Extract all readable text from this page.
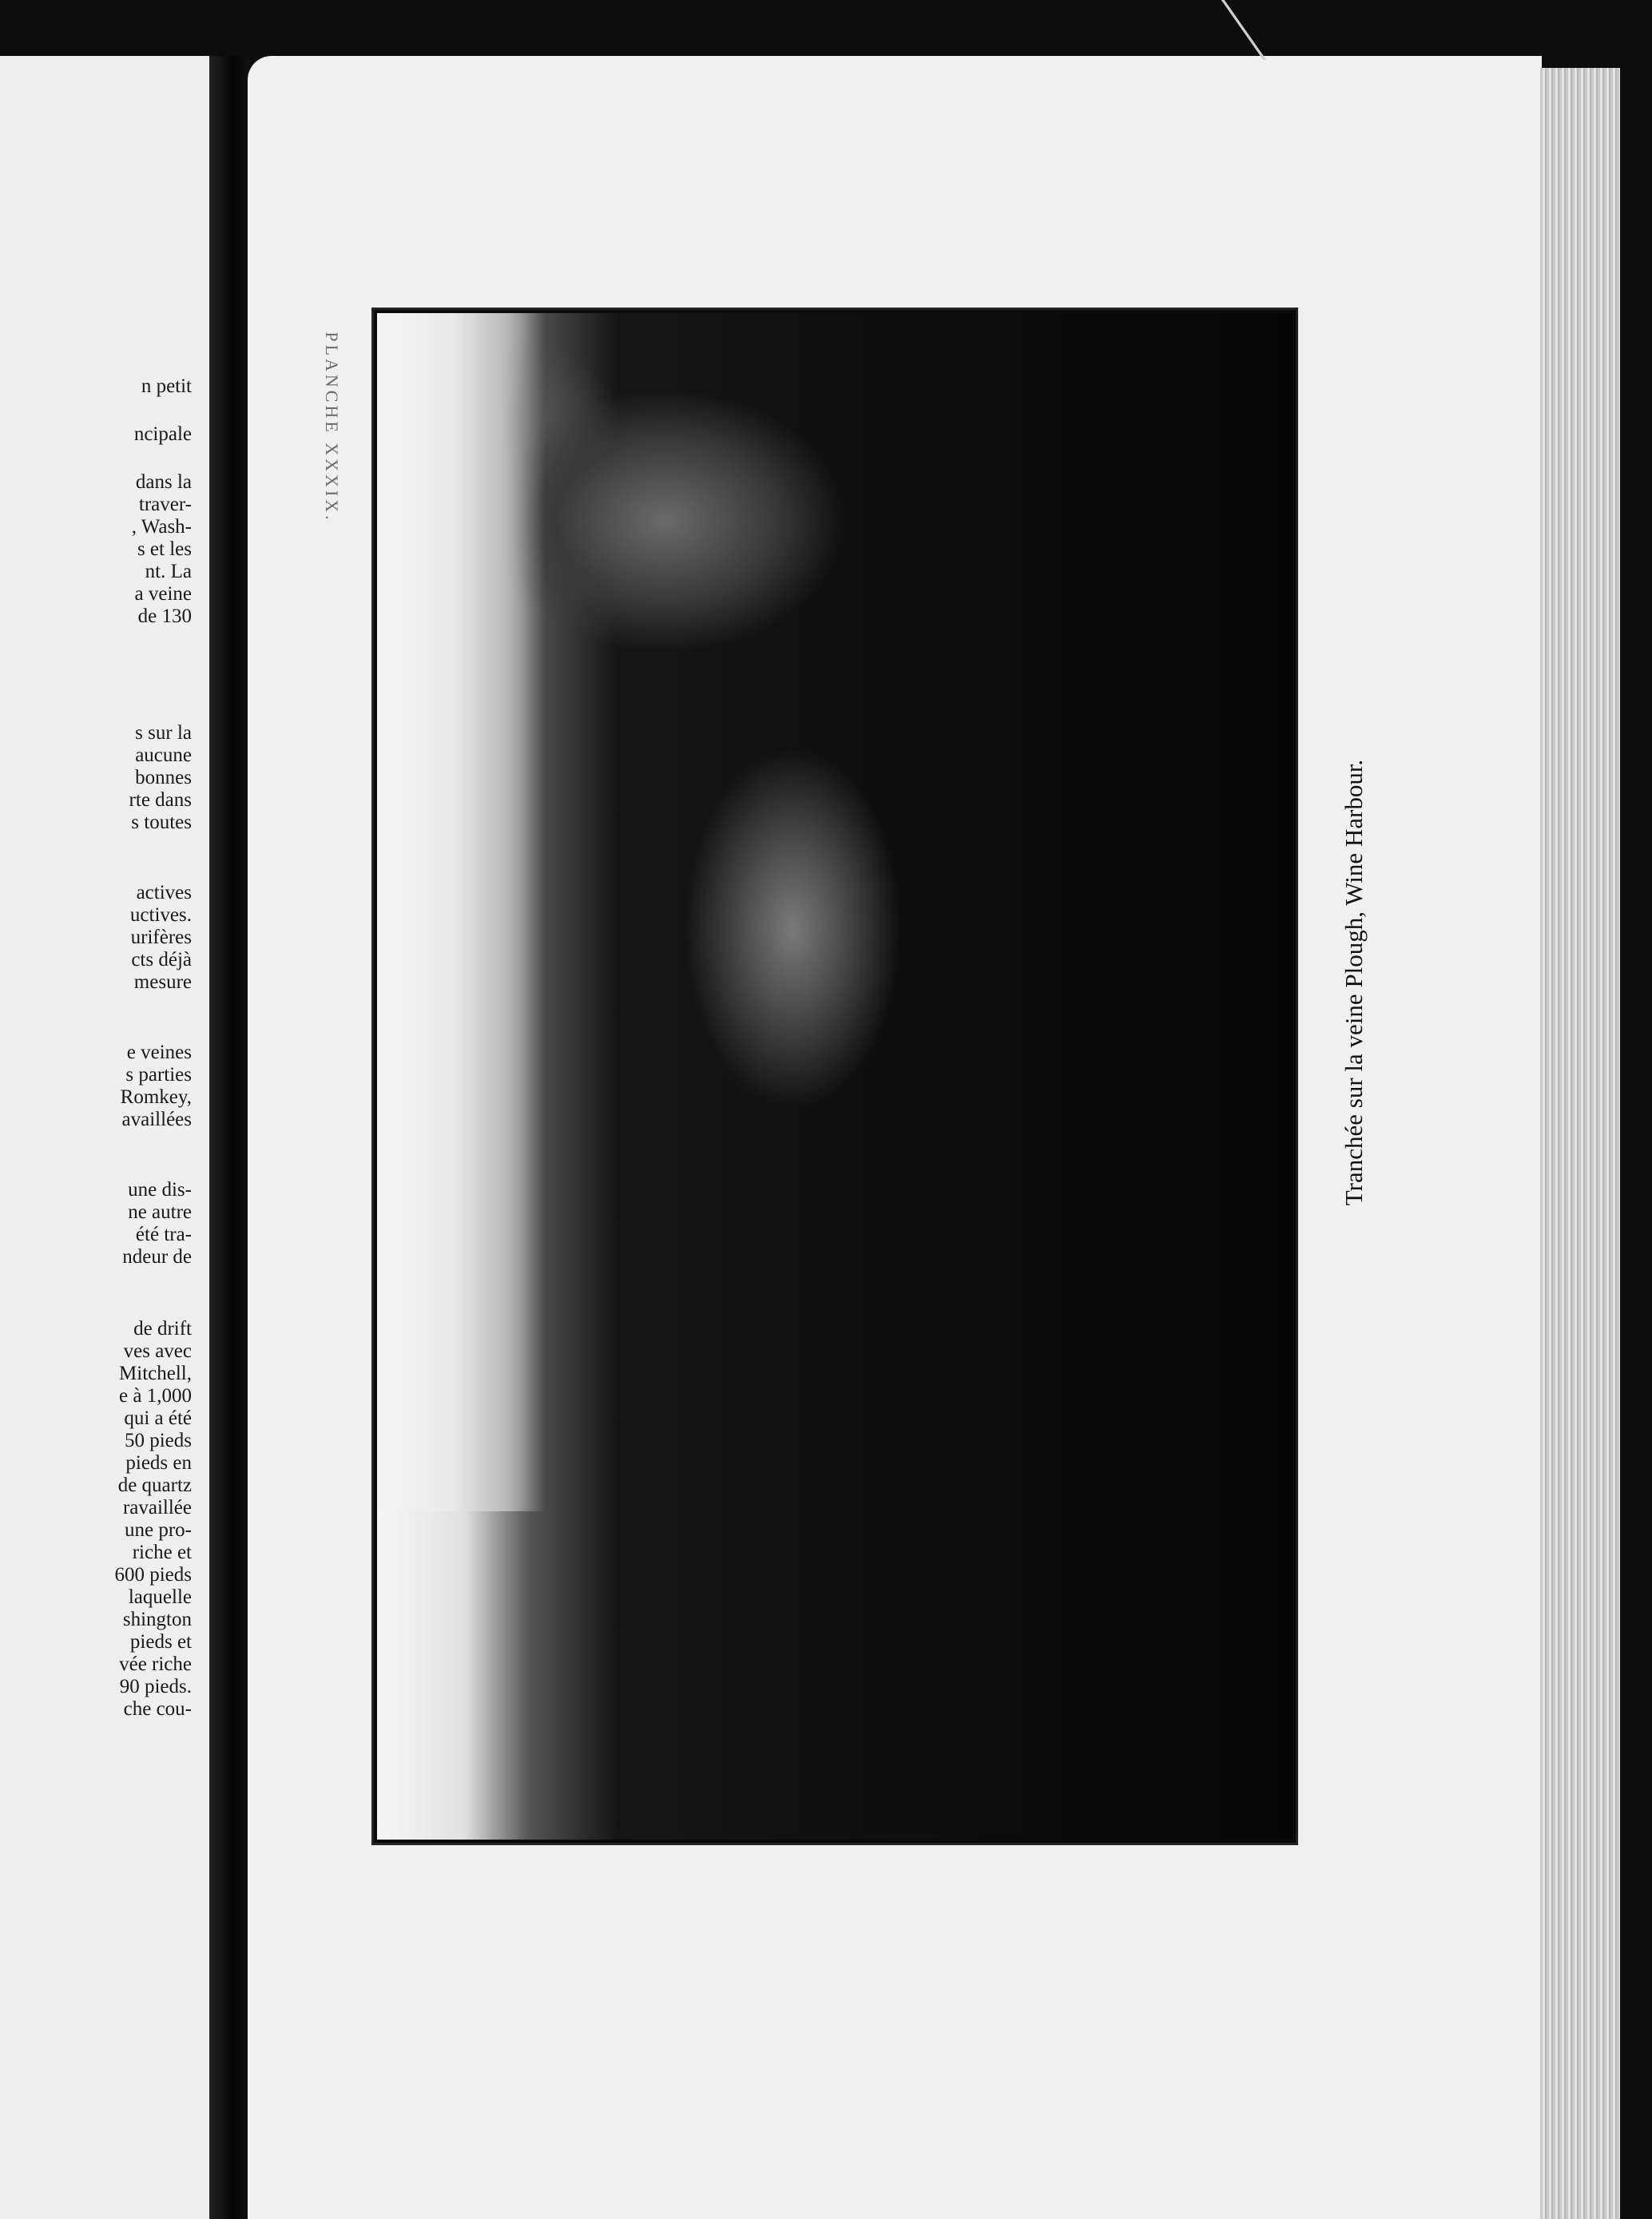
n petit
ncipale
dans la
traver-
, Wash-
s et les
nt. La
a veine
de 130
s sur la
aucune
bonnes
rte dans
s toutes
actives
uctives.
urifères
cts déjà
mesure
e veines
s parties
Romkey,
availlées
une dis-
ne autre
été tra-
ndeur de
de drift
ves avec
Mitchell,
e à 1,000
qui a été
50 pieds
pieds en
de quartz
ravaillée
une pro-
riche et
600 pieds
laquelle
shington
pieds et
vée riche
90 pieds.
che cou-
PLANCHE XXXIX.
Tranchée sur la veine Plough, Wine Harbour.
